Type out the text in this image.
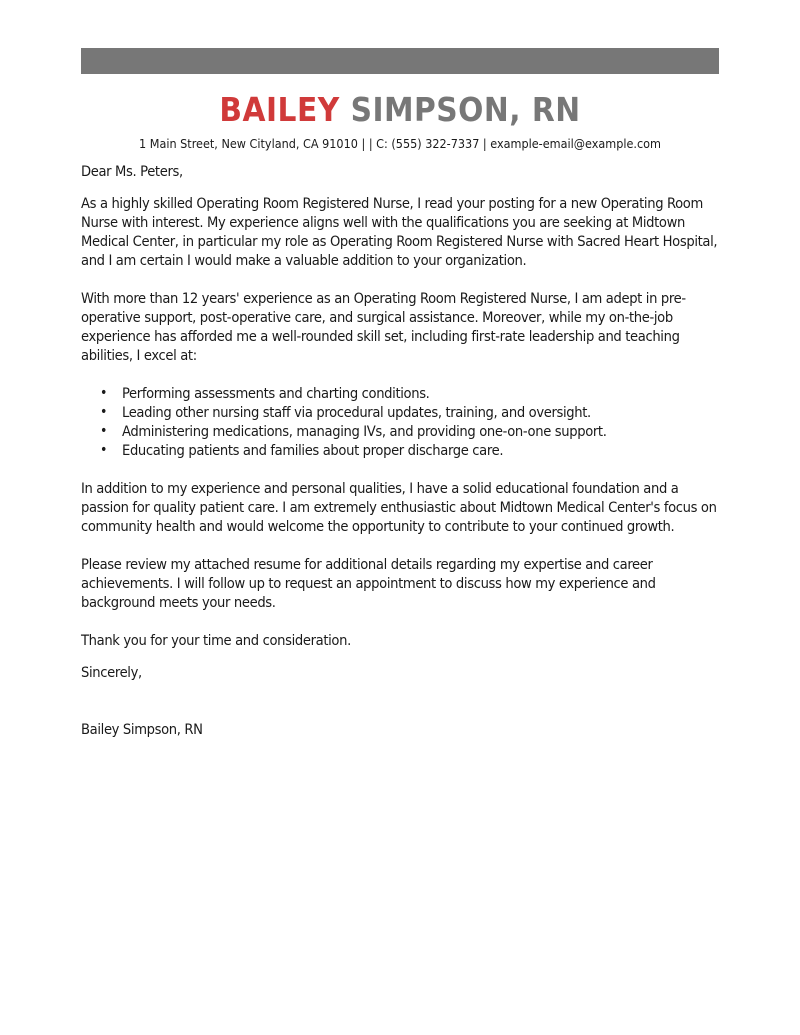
BAILEY SIMPSON, RN
1 Main Street, New Cityland, CA 91010 | | C: (555) 322-7337 | example-email@example.com

Dear Ms. Peters,

As a highly skilled Operating Room Registered Nurse, I read your posting for a new Operating Room Nurse with interest. My experience aligns well with the qualifications you are seeking at Midtown Medical Center, in particular my role as Operating Room Registered Nurse with Sacred Heart Hospital, and I am certain I would make a valuable addition to your organization.

With more than 12 years' experience as an Operating Room Registered Nurse, I am adept in pre-operative support, post-operative care, and surgical assistance. Moreover, while my on-the-job experience has afforded me a well-rounded skill set, including first-rate leadership and teaching abilities, I excel at:

• Performing assessments and charting conditions.
• Leading other nursing staff via procedural updates, training, and oversight.
• Administering medications, managing IVs, and providing one-on-one support.
• Educating patients and families about proper discharge care.

In addition to my experience and personal qualities, I have a solid educational foundation and a passion for quality patient care. I am extremely enthusiastic about Midtown Medical Center's focus on community health and would welcome the opportunity to contribute to your continued growth.

Please review my attached resume for additional details regarding my expertise and career achievements. I will follow up to request an appointment to discuss how my experience and background meets your needs.

Thank you for your time and consideration.

Sincerely,

Bailey Simpson, RN
